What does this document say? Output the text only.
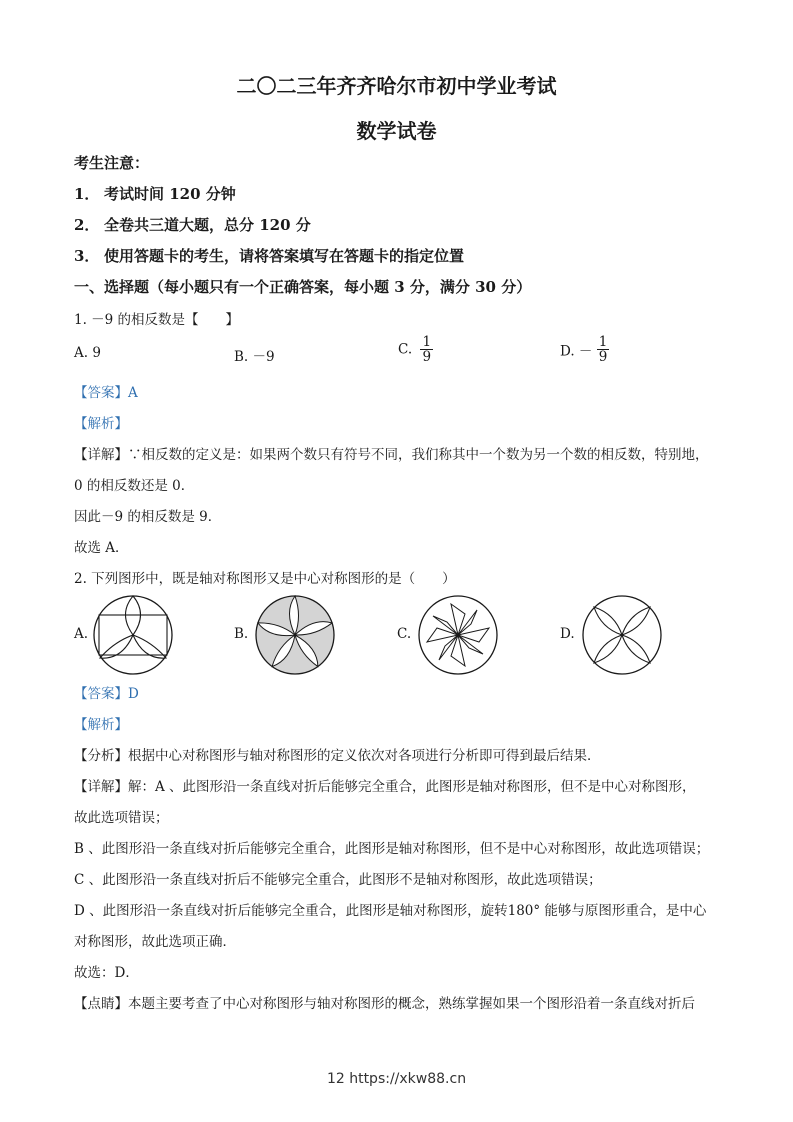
二〇二三年齐齐哈尔市初中学业考试
数学试卷
考生注意：
1． 考试时间 120 分钟
2． 全卷共三道大题，总分 120 分
3． 使用答题卡的考生，请将答案填写在答题卡的指定位置
一、选择题（每小题只有一个正确答案，每小题 3 分，满分 30 分）
1. －9 的相反数是【　　】
A. 9	B. －9	C. $\frac{1}{9}$	D. － $\frac{1}{9}$
【答案】A
【解析】
【详解】∵相反数的定义是：如果两个数只有符号不同，我们称其中一个数为另一个数的相反数，特别地，
0 的相反数还是 0．
因此－9 的相反数是 9．
故选 A．
2. 下列图形中，既是轴对称图形又是中心对称图形的是（　　）
A.	B.	C.	D.
【答案】D
【解析】
【分析】根据中心对称图形与轴对称图形的定义依次对各项进行分析即可得到最后结果．
【详解】解：A 、此图形沿一条直线对折后能够完全重合，此图形是轴对称图形，但不是中心对称图形，
故此选项错误；
B 、此图形沿一条直线对折后能够完全重合，此图形是轴对称图形，但不是中心对称图形，故此选项错误；
C 、此图形沿一条直线对折后不能够完全重合，此图形不是轴对称图形，故此选项错误；
D 、此图形沿一条直线对折后能够完全重合，此图形是轴对称图形，旋转180° 能够与原图形重合，是中心
对称图形，故此选项正确．
故选：D．
【点睛】本题主要考查了中心对称图形与轴对称图形的概念，熟练掌握如果一个图形沿着一条直线对折后
12 https://xkw88.cn
